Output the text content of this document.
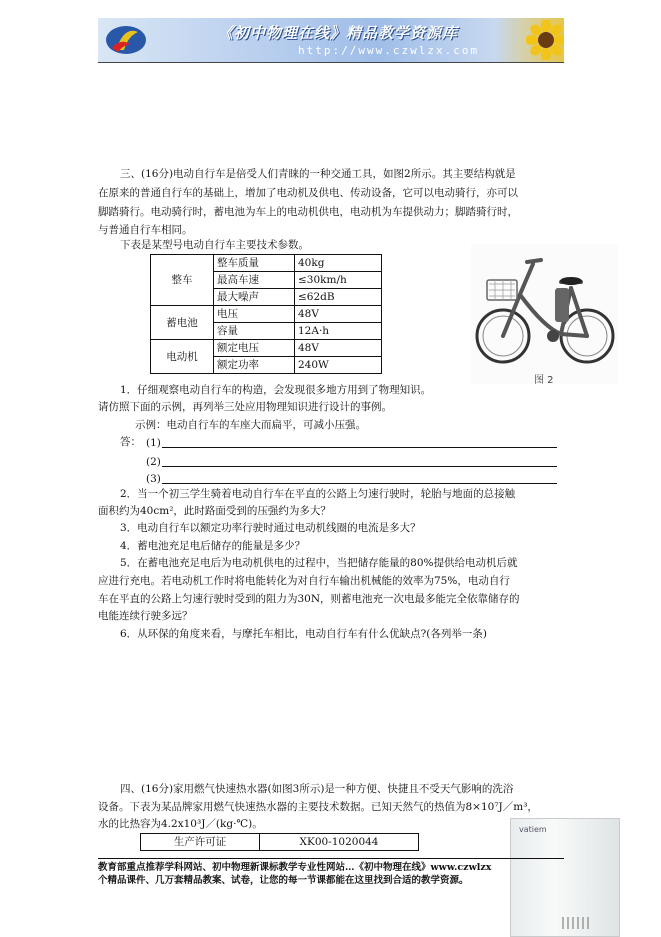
《初中物理在线》精品教学资源库
http://www.czwlzx.com
三、(16分)电动自行车是倍受人们青睐的一种交通工具，如图2所示。其主要结构就是
在原来的普通自行车的基础上，增加了电动机及供电、传动设备，它可以电动骑行，亦可以
脚踏骑行。电动骑行时，蓄电池为车上的电动机供电，电动机为车提供动力；脚踏骑行时，
与普通自行车相同。
下表是某型号电动自行车主要技术参数。
整车	整车质量	40kg
	最高车速	≤30km/h
	最大噪声	≤62dB
蓄电池	电压	48V
	容量	12A·h
电动机	额定电压	48V
	额定功率	240W
图 2
1．仔细观察电动自行车的构造，会发现很多地方用到了物理知识。
请仿照下面的示例，再列举三处应用物理知识进行设计的事例。
示例：电动自行车的车座大而扁平，可减小压强。
答： (1)
(2)
(3)
2．当一个初三学生骑着电动自行车在平直的公路上匀速行驶时，轮胎与地面的总接触
面积约为40cm²，此时路面受到的压强约为多大？
3．电动自行车以额定功率行驶时通过电动机线圈的电流是多大？
4．蓄电池充足电后储存的能量是多少？
5．在蓄电池充足电后为电动机供电的过程中，当把储存能量的80%提供给电动机后就
应进行充电。若电动机工作时将电能转化为对自行车输出机械能的效率为75%，电动自行
车在平直的公路上匀速行驶时受到的阻力为30N，则蓄电池充一次电最多能完全依靠储存的
电能连续行驶多远？
6．从环保的角度来看，与摩托车相比，电动自行车有什么优缺点?(各列举一条)
四、(16分)家用燃气快速热水器(如图3所示)是一种方便、快捷且不受天气影响的洗浴
设备。下表为某品牌家用燃气快速热水器的主要技术数据。已知天然气的热值为8×10⁷J／m³，
水的比热容为4.2x10³J／(kg·℃)。
生产许可证	XK00-1020044
vatiem
教育部重点推荐学科网站、初中物理新课标教学专业性网站…《初中物理在线》www.czwlzx
个精品课件、几万套精品教案、试卷，让您的每一节课都能在这里找到合适的教学资源。
